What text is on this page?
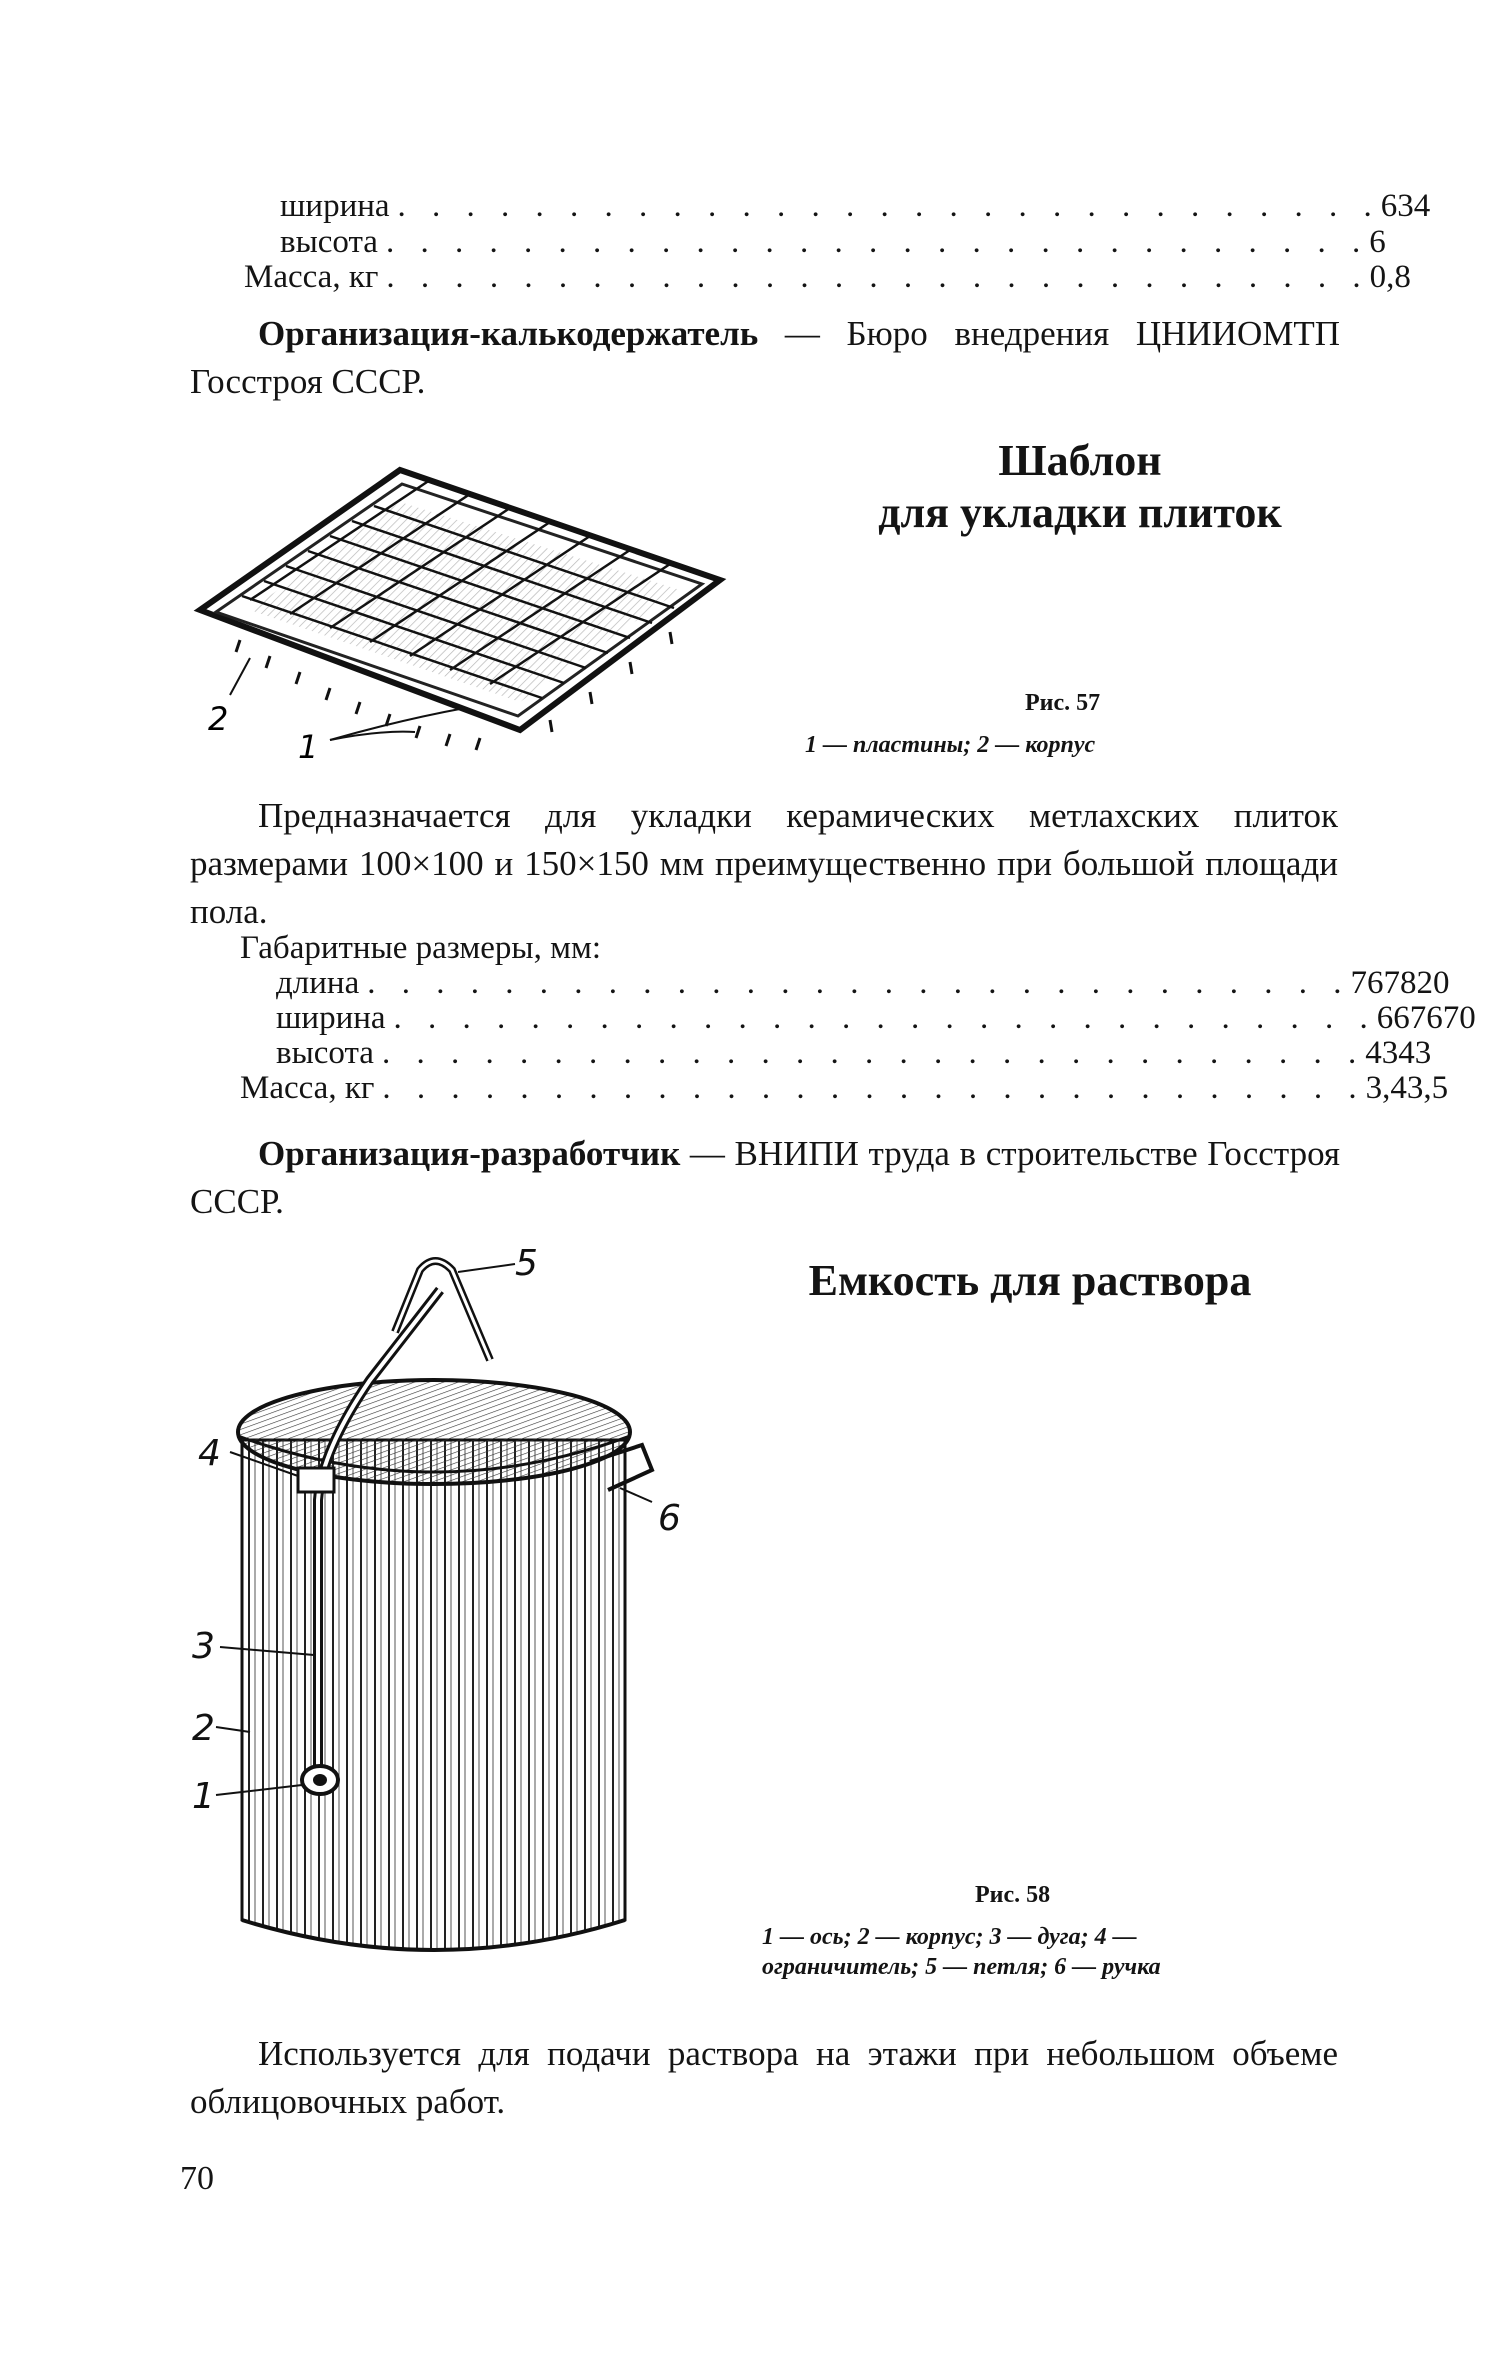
ширина . . . . . . . . . . . . . . . . . . . . . . . . . . . . . 634
высота . . . . . . . . . . . . . . . . . . . . . . . . . . . . . 6
Масса, кг . . . . . . . . . . . . . . . . . . . . . . . . . . . . . 0,8
Организация-калькодержатель — Бюро внедрения ЦНИИОМТП Госстроя СССР.
Шаблон
для укладки плиток
2
1
Рис. 57
1 — пластины; 2 — корпус
Предназначается для укладки керамических метлахских плиток размерами 100×100 и 150×150 мм преимущественно при большой площади пола.
Габаритные размеры, мм:
длина . . . . . . . . . . . . . . . . . . . . . . . . . . . . . 767 820
ширина . . . . . . . . . . . . . . . . . . . . . . . . . . . . . 667 670
высота . . . . . . . . . . . . . . . . . . . . . . . . . . . . . 43 43
Масса, кг . . . . . . . . . . . . . . . . . . . . . . . . . . . . . 3,4 3,5
Организация-разработчик — ВНИПИ труда в строительстве Госстроя СССР.
Емкость для раствора
5
4
6
3
2
1
Рис. 58
1 — ось; 2 — корпус; 3 — дуга; 4 —
ограничитель; 5 — петля; 6 — ручка
Используется для подачи раствора на этажи при небольшом объеме облицовочных работ.
70
